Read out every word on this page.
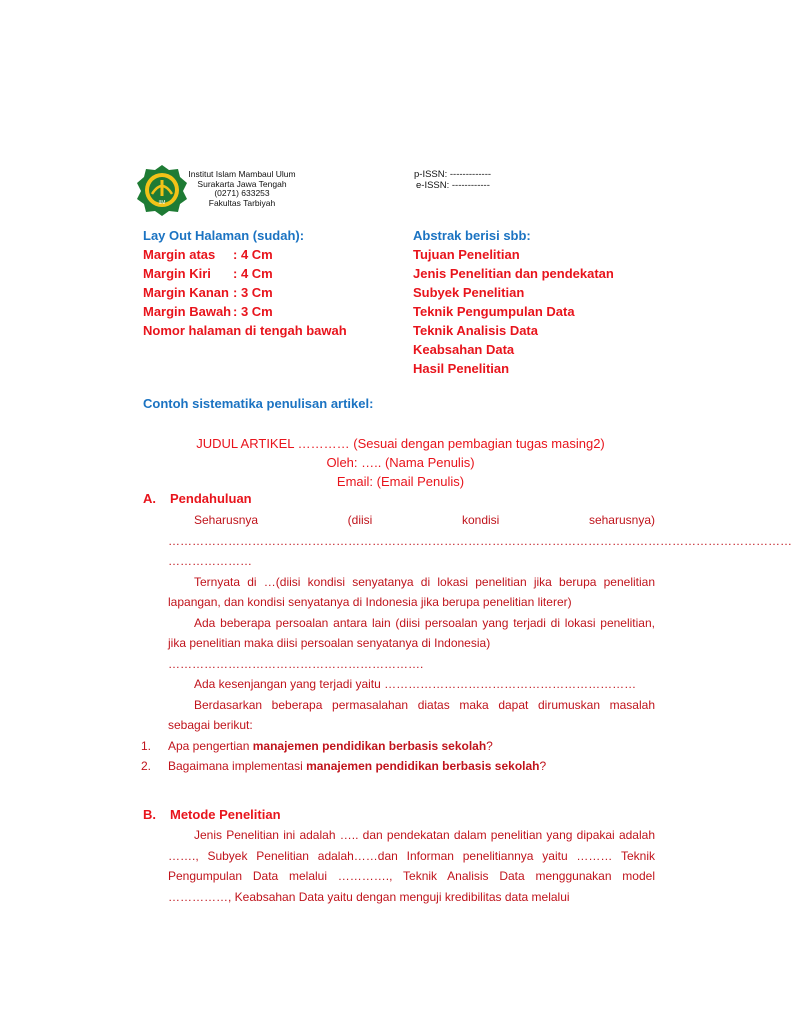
IIM
Institut Islam Mambaul Ulum
Surakarta Jawa Tengah
(0271) 633253
Fakultas Tarbiyah
p-ISSN: -------------
e-ISSN: ------------
Lay Out Halaman (sudah):
Margin atas : 4 Cm
Margin Kiri : 4 Cm
Margin Kanan : 3 Cm
Margin Bawah : 3 Cm
Nomor halaman di tengah bawah
Abstrak berisi sbb:
Tujuan Penelitian
Jenis Penelitian dan pendekatan
Subyek Penelitian
Teknik Pengumpulan Data
Teknik Analisis Data
Keabsahan Data
Hasil Penelitian
Contoh sistematika penulisan artikel:
JUDUL ARTIKEL ………… (Sesuai dengan pembagian tugas masing2)
Oleh: ….. (Nama Penulis)
Email: (Email Penulis)
A. Pendahuluan
Seharusnya	(diisi	kondisi	seharusnya)
…………………………………………………………………………………………………………………………………………
…………………

Ternyata di …(diisi kondisi senyatanya di lokasi penelitian jika berupa penelitian lapangan, dan kondisi senyatanya di Indonesia jika berupa penelitian literer)

Ada beberapa persoalan antara lain (diisi persoalan yang terjadi di lokasi penelitian, jika penelitian maka diisi persoalan senyatanya di Indonesia)

……………………………………………………….

Ada kesenjangan yang terjadi yaitu ………………………………………………………

Berdasarkan beberapa permasalahan diatas maka dapat dirumuskan masalah sebagai berikut:

1.	Apa pengertian manajemen pendidikan berbasis sekolah?
2.	Bagaimana implementasi manajemen pendidikan berbasis sekolah?
B. Metode Penelitian

Jenis Penelitian ini adalah ….. dan pendekatan dalam penelitian yang dipakai adalah ……., Subyek Penelitian adalah……dan Informan penelitiannya yaitu ……… Teknik Pengumpulan Data melalui …………., Teknik Analisis Data menggunakan model ……………, Keabsahan Data yaitu dengan menguji kredibilitas data melalui
